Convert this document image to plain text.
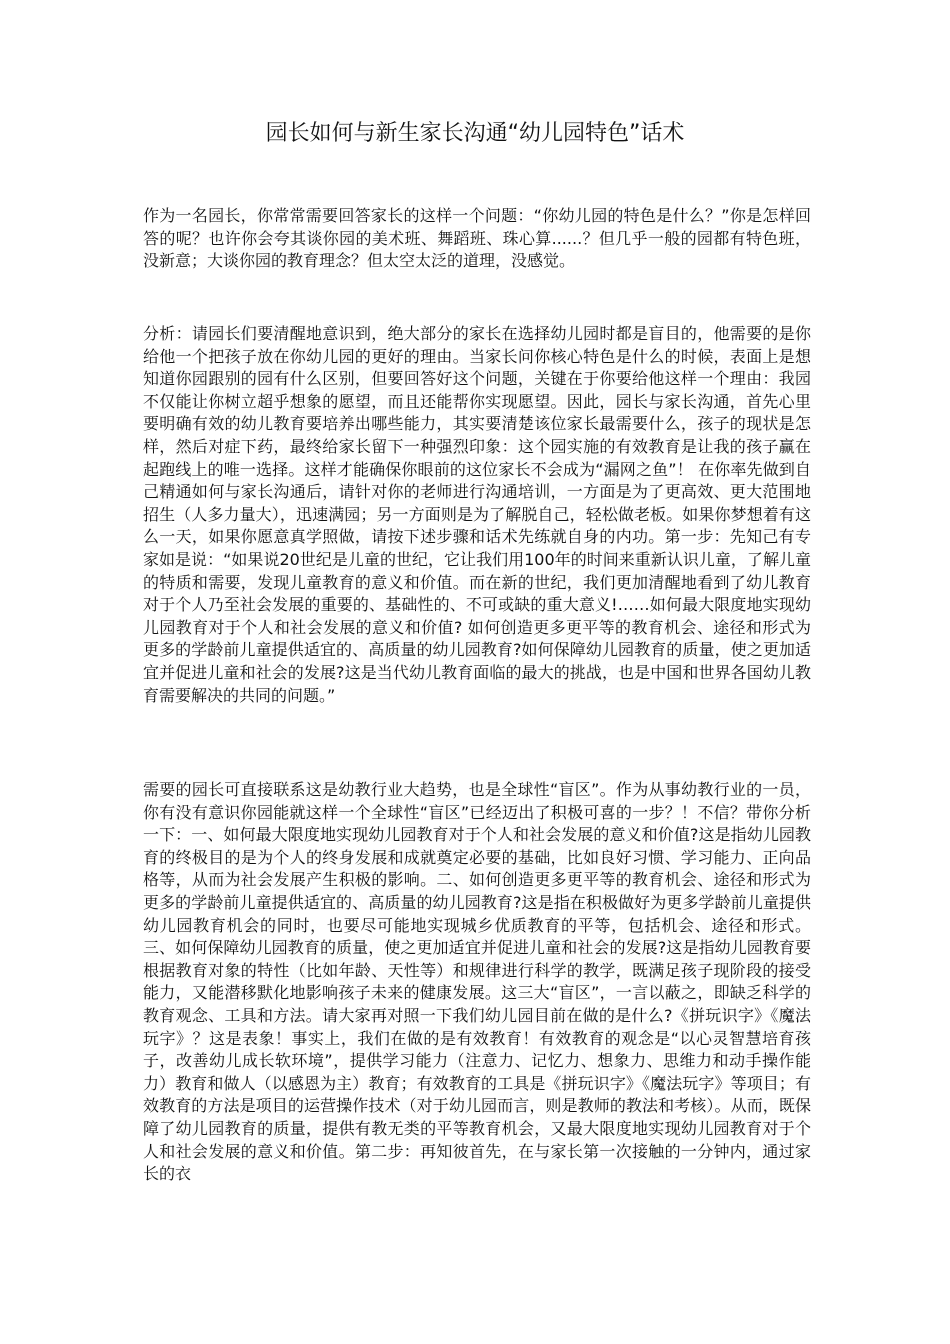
园长如何与新生家长沟通“幼儿园特色”话术

作为一名园长，你常常需要回答家长的这样一个问题：“你幼儿园的特色是什么？”你是怎样回答的呢？也许你会夸其谈你园的美术班、舞蹈班、珠心算......？但几乎一般的园都有特色班，没新意；大谈你园的教育理念？但太空太泛的道理，没感觉。

分析：请园长们要清醒地意识到，绝大部分的家长在选择幼儿园时都是盲目的，他需要的是你给他一个把孩子放在你幼儿园的更好的理由。当家长问你核心特色是什么的时候，表面上是想知道你园跟别的园有什么区别，但要回答好这个问题，关键在于你要给他这样一个理由：我园不仅能让你树立超乎想象的愿望，而且还能帮你实现愿望。因此，园长与家长沟通，首先心里要明确有效的幼儿教育要培养出哪些能力，其实要清楚该位家长最需要什么，孩子的现状是怎样，然后对症下药，最终给家长留下一种强烈印象：这个园实施的有效教育是让我的孩子赢在起跑线上的唯一选择。这样才能确保你眼前的这位家长不会成为“漏网之鱼”！ 在你率先做到自己精通如何与家长沟通后，请针对你的老师进行沟通培训，一方面是为了更高效、更大范围地招生（人多力量大），迅速满园；另一方面则是为了解脱自己，轻松做老板。如果你梦想着有这么一天，如果你愿意真学照做，请按下述步骤和话术先练就自身的内功。第一步：先知己有专家如是说：“如果说20世纪是儿童的世纪，它让我们用100年的时间来重新认识儿童，了解儿童的特质和需要，发现儿童教育的意义和价值。而在新的世纪，我们更加清醒地看到了幼儿教育对于个人乃至社会发展的重要的、基础性的、不可或缺的重大意义!……如何最大限度地实现幼儿园教育对于个人和社会发展的意义和价值? 如何创造更多更平等的教育机会、途径和形式为更多的学龄前儿童提供适宜的、高质量的幼儿园教育?如何保障幼儿园教育的质量，使之更加适宜并促进儿童和社会的发展?这是当代幼儿教育面临的最大的挑战，也是中国和世界各国幼儿教育需要解决的共同的问题。”

需要的园长可直接联系这是幼教行业大趋势，也是全球性“盲区”。作为从事幼教行业的一员，你有没有意识你园能就这样一个全球性“盲区”已经迈出了积极可喜的一步？！不信？带你分析一下：一、如何最大限度地实现幼儿园教育对于个人和社会发展的意义和价值?这是指幼儿园教育的终极目的是为个人的终身发展和成就奠定必要的基础，比如良好习惯、学习能力、正向品格等，从而为社会发展产生积极的影响。二、如何创造更多更平等的教育机会、途径和形式为更多的学龄前儿童提供适宜的、高质量的幼儿园教育?这是指在积极做好为更多学龄前儿童提供幼儿园教育机会的同时，也要尽可能地实现城乡优质教育的平等，包括机会、途径和形式。三、如何保障幼儿园教育的质量，使之更加适宜并促进儿童和社会的发展?这是指幼儿园教育要根据教育对象的特性（比如年龄、天性等）和规律进行科学的教学，既满足孩子现阶段的接受能力，又能潜移默化地影响孩子未来的健康发展。这三大“盲区”，一言以蔽之，即缺乏科学的教育观念、工具和方法。请大家再对照一下我们幼儿园目前在做的是什么?《拼玩识字》《魔法玩字》？这是表象！事实上，我们在做的是有效教育！有效教育的观念是“以心灵智慧培育孩子，改善幼儿成长软环境”，提供学习能力（注意力、记忆力、想象力、思维力和动手操作能力）教育和做人（以感恩为主）教育；有效教育的工具是《拼玩识字》《魔法玩字》等项目；有效教育的方法是项目的运营操作技术（对于幼儿园而言，则是教师的教法和考核）。从而，既保障了幼儿园教育的质量，提供有教无类的平等教育机会，又最大限度地实现幼儿园教育对于个人和社会发展的意义和价值。第二步：再知彼首先，在与家长第一次接触的一分钟内，通过家长的衣
